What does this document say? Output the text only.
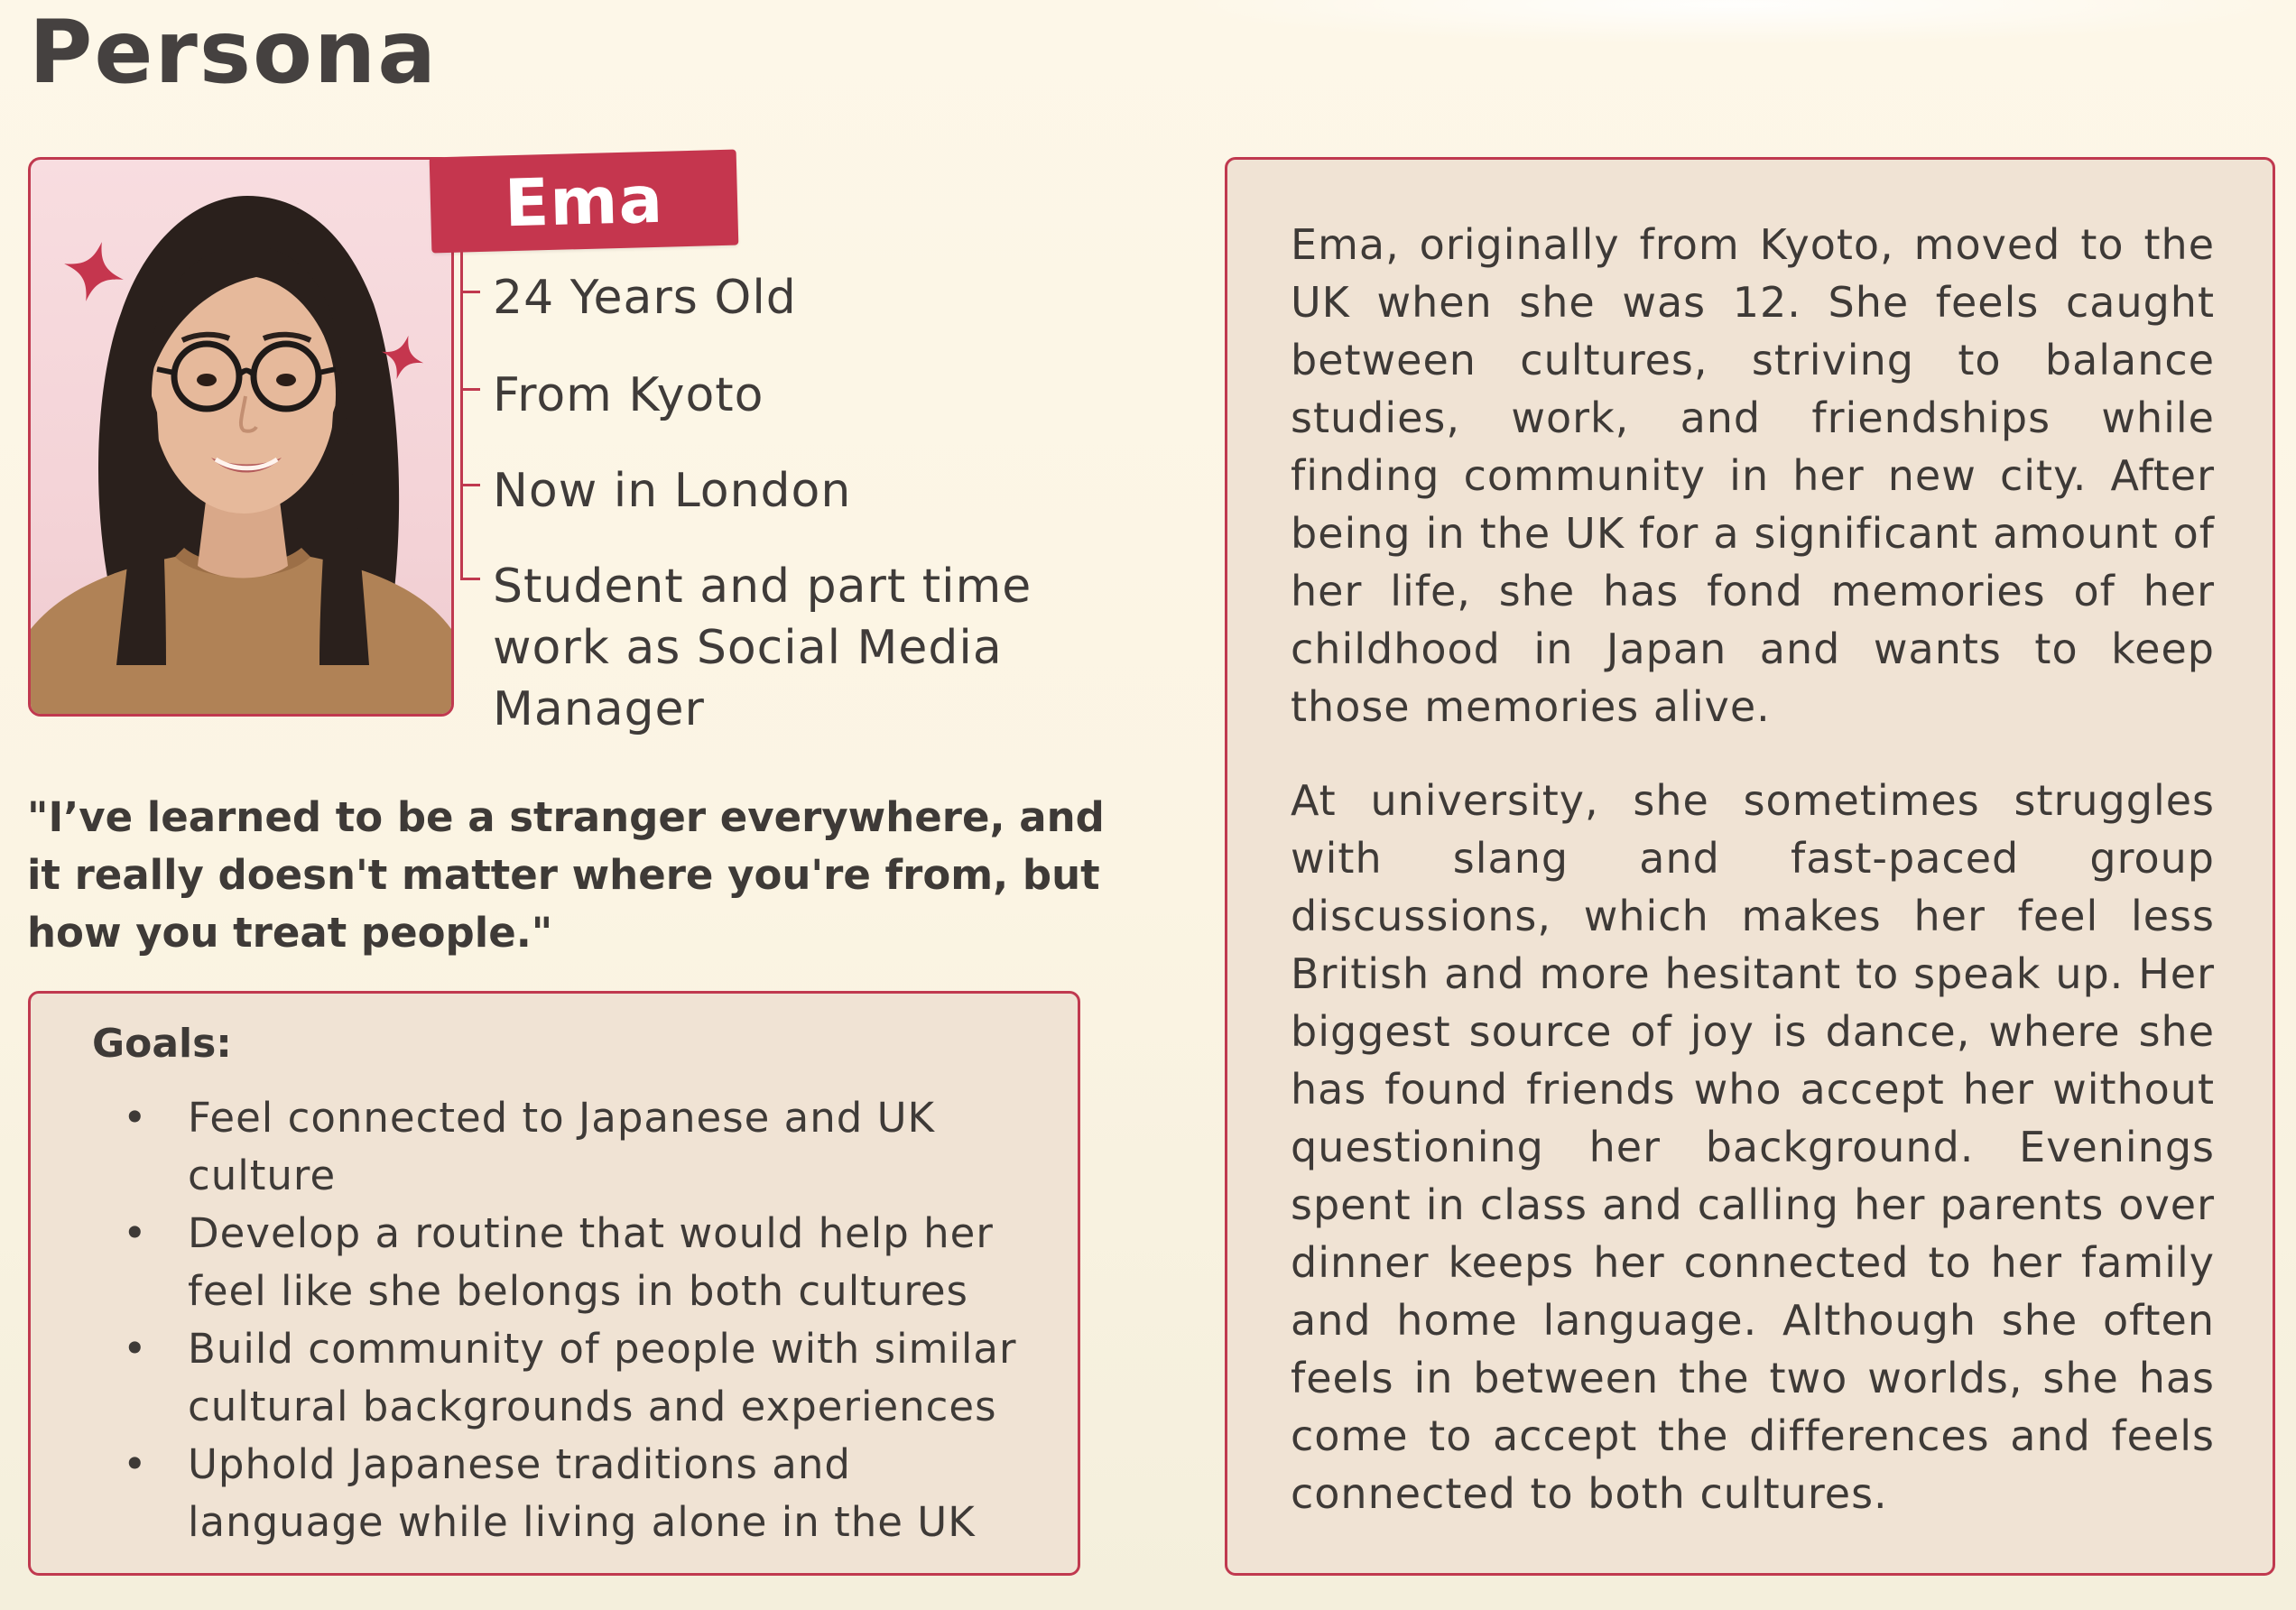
Persona
Ema
24 Years Old
From Kyoto
Now in London
Student and part time work as Social Media Manager
"I’ve learned to be a stranger everywhere, and it really doesn't matter where you're from, but how you treat people."
Goals:
• Feel connected to Japanese and UK culture
• Develop a routine that would help her feel like she belongs in both cultures
• Build community of people with similar cultural backgrounds and experiences
• Uphold Japanese traditions and language while living alone in the UK

Ema, originally from Kyoto, moved to the UK when she was 12. She feels caught between cultures, striving to balance studies, work, and friendships while finding community in her new city. After being in the UK for a significant amount of her life, she has fond memories of her childhood in Japan and wants to keep those memories alive.

At university, she sometimes struggles with slang and fast-paced group discussions, which makes her feel less British and more hesitant to speak up. Her biggest source of joy is dance, where she has found friends who accept her without questioning her background. Evenings spent in class and calling her parents over dinner keeps her connected to her family and home language. Although she often feels in between the two worlds, she has come to accept the differences and feels connected to both cultures.
